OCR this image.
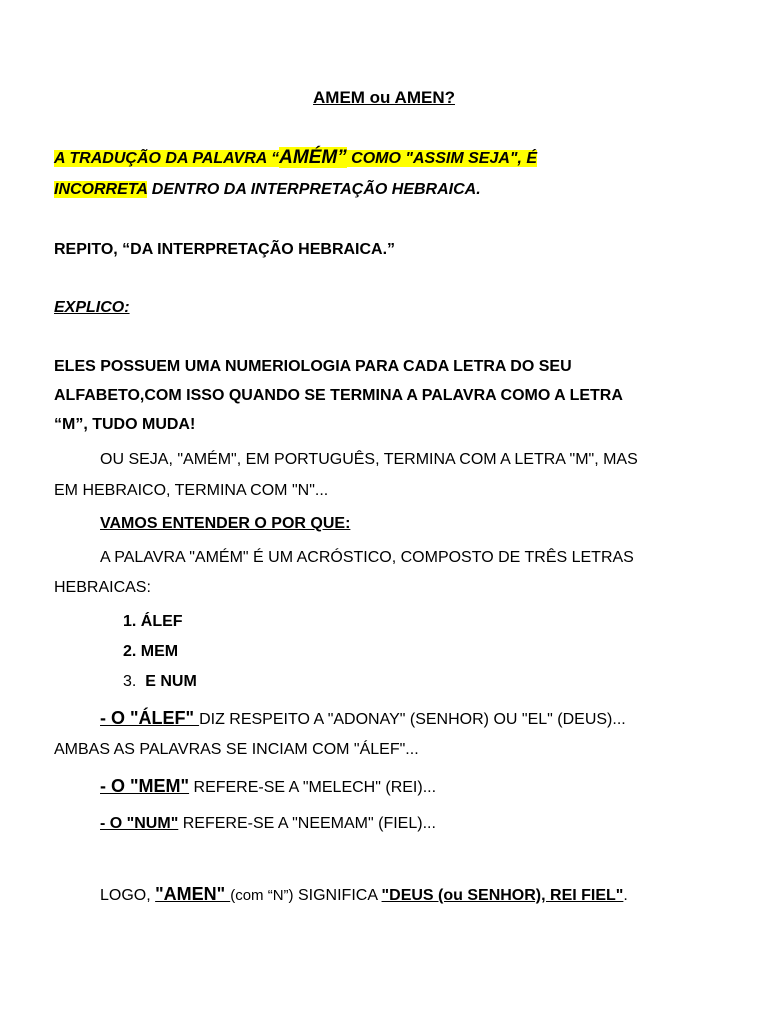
AMEM ou AMEN?
A TRADUÇÃO DA PALAVRA “AMÉM” COMO "ASSIM SEJA", É
INCORRETA DENTRO DA INTERPRETAÇÃO HEBRAICA.
REPITO, “DA INTERPRETAÇÃO HEBRAICA.”
EXPLICO:
ELES POSSUEM UMA NUMERIOLOGIA PARA CADA LETRA DO SEU
ALFABETO,COM ISSO QUANDO SE TERMINA A PALAVRA COMO A LETRA
“M”, TUDO MUDA!
OU SEJA, "AMÉM", EM PORTUGUÊS, TERMINA COM A LETRA "M", MAS
EM HEBRAICO, TERMINA COM "N"...
VAMOS ENTENDER O POR QUE:
A PALAVRA "AMÉM" É UM ACRÓSTICO, COMPOSTO DE TRÊS LETRAS
HEBRAICAS:
1. ÁLEF
2. MEM
3. E NUM
- O "ÁLEF" DIZ RESPEITO A "ADONAY" (SENHOR) OU "EL" (DEUS)...
AMBAS AS PALAVRAS SE INCIAM COM "ÁLEF"...
- O "MEM" REFERE-SE A "MELECH" (REI)...
- O "NUM" REFERE-SE A "NEEMAM" (FIEL)...
LOGO, "AMEN" (com “N”) SIGNIFICA "DEUS (ou SENHOR), REI FIEL".
